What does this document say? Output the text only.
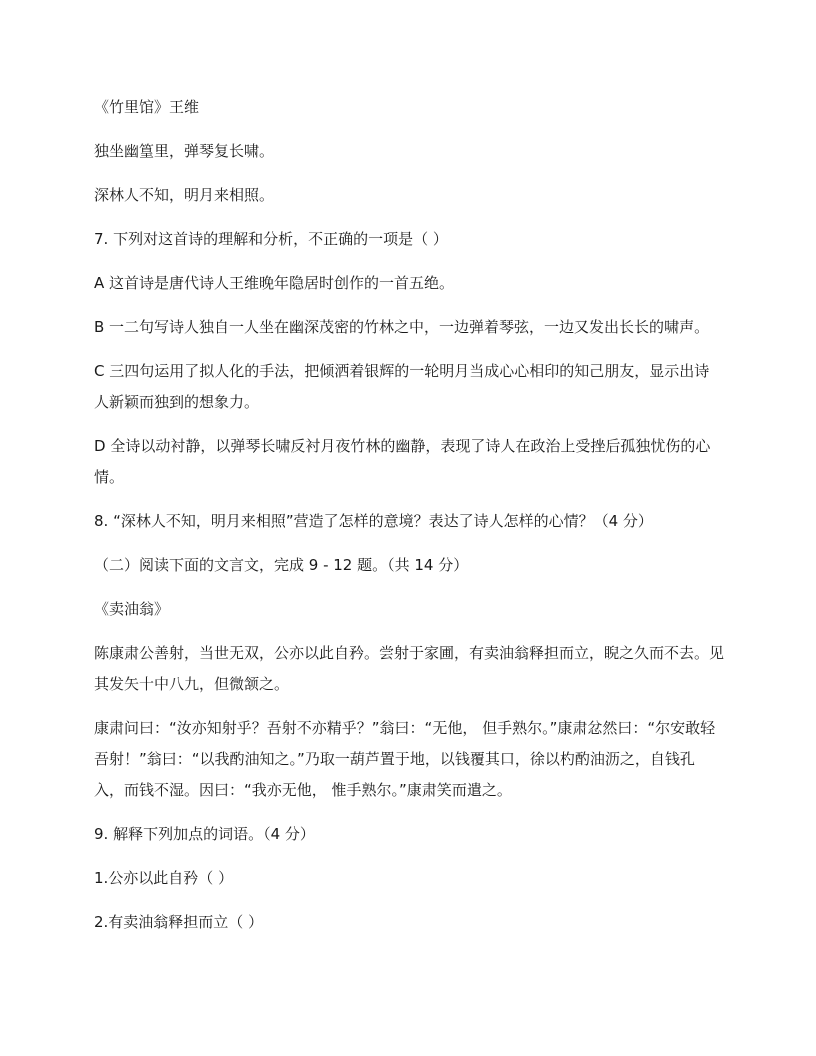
《竹里馆》王维

独坐幽篁里，弹琴复长啸。

深林人不知，明月来相照。

7. 下列对这首诗的理解和分析，不正确的一项是（ ）

A 这首诗是唐代诗人王维晚年隐居时创作的一首五绝。

B 一二句写诗人独自一人坐在幽深茂密的竹林之中，一边弹着琴弦，一边又发出长长的啸声。

C 三四句运用了拟人化的手法，把倾洒着银辉的一轮明月当成心心相印的知己朋友，显示出诗人新颖而独到的想象力。

D 全诗以动衬静，以弹琴长啸反衬月夜竹林的幽静，表现了诗人在政治上受挫后孤独忧伤的心情。

8. “深林人不知，明月来相照”营造了怎样的意境？表达了诗人怎样的心情？（4 分）

（二）阅读下面的文言文，完成 9 - 12 题。（共 14 分）

《卖油翁》

陈康肃公善射，当世无双，公亦以此自矜。尝射于家圃，有卖油翁释担而立，睨之久而不去。见其发矢十中八九，但微颔之。

康肃问曰：“汝亦知射乎？吾射不亦精乎？”翁曰：“无他， 但手熟尔。”康肃忿然曰：“尔安敢轻吾射！”翁曰：“以我酌油知之。”乃取一葫芦置于地，以钱覆其口，徐以杓酌油沥之，自钱孔入，而钱不湿。因曰：“我亦无他， 惟手熟尔。”康肃笑而遣之。

9. 解释下列加点的词语。（4 分）

1.公亦以此自矜（ ）

2.有卖油翁释担而立（ ）
